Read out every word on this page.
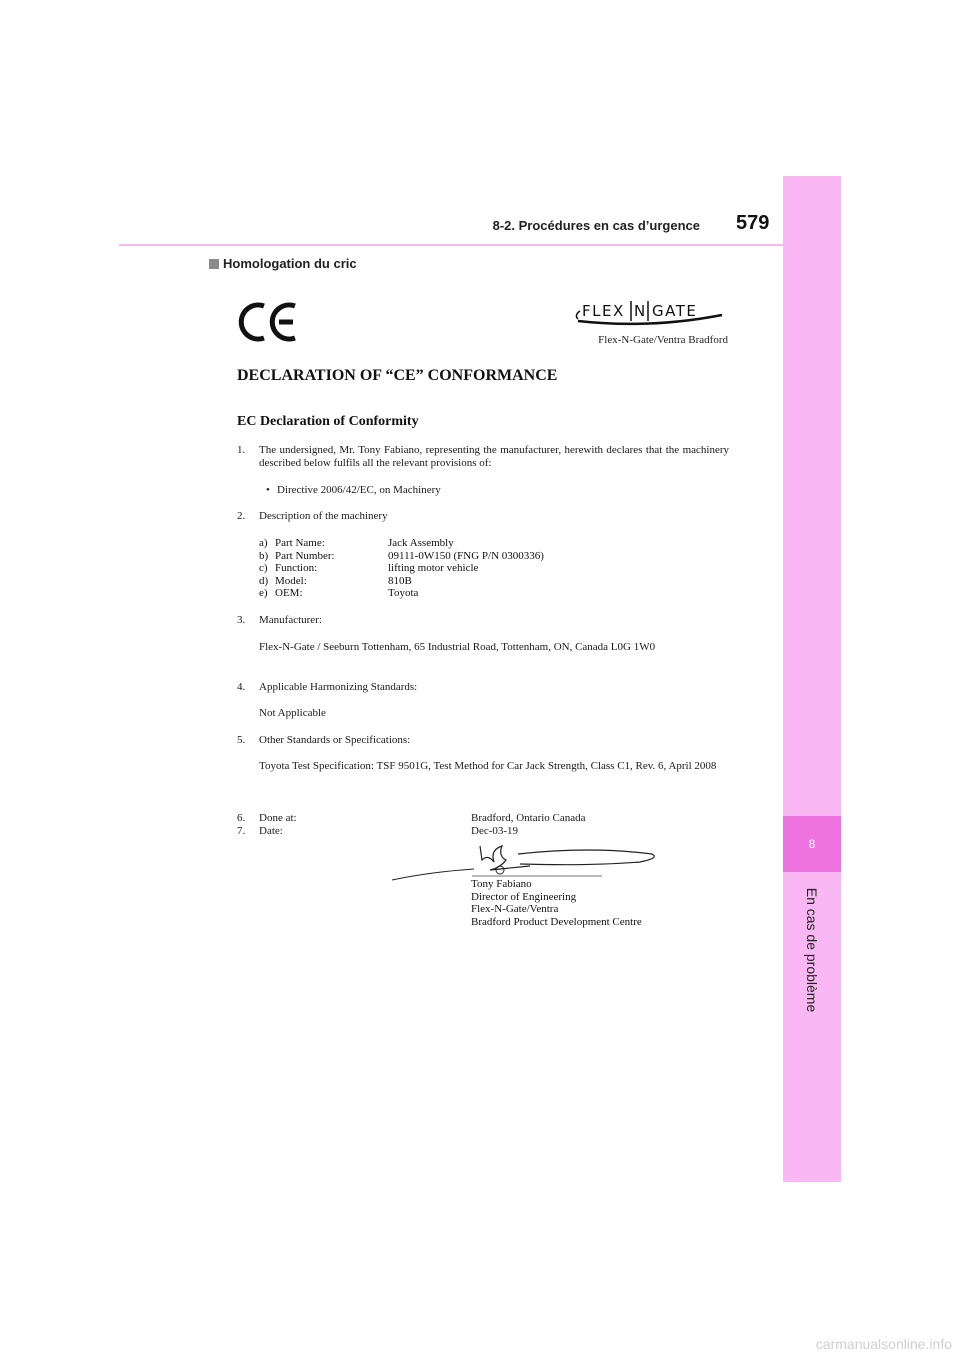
8
En cas de problème
8-2. Procédures en cas d’urgence 579
Homologation du cric
FLEX N GATE
Flex-N-Gate/Ventra Bradford
DECLARATION OF “CE” CONFORMANCE
EC Declaration of Conformity
1. The undersigned, Mr. Tony Fabiano, representing the manufacturer, herewith declares that the machinery described below fulfils all the relevant provisions of:
• Directive 2006/42/EC, on Machinery
2. Description of the machinery
a) Part Name:	Jack Assembly
b) Part Number:	09111-0W150 (FNG P/N 0300336)
c) Function:	lifting motor vehicle
d) Model:	810B
e) OEM:	Toyota
3. Manufacturer:
Flex-N-Gate / Seeburn Tottenham, 65 Industrial Road, Tottenham, ON, Canada L0G 1W0
4. Applicable Harmonizing Standards:
Not Applicable
5. Other Standards or Specifications:
Toyota Test Specification: TSF 9501G, Test Method for Car Jack Strength, Class C1, Rev. 6, April 2008
6. Done at:	Bradford, Ontario Canada
7. Date:	Dec-03-19
Tony Fabiano
Director of Engineering
Flex-N-Gate/Ventra
Bradford Product Development Centre
carmanualsonline.info
